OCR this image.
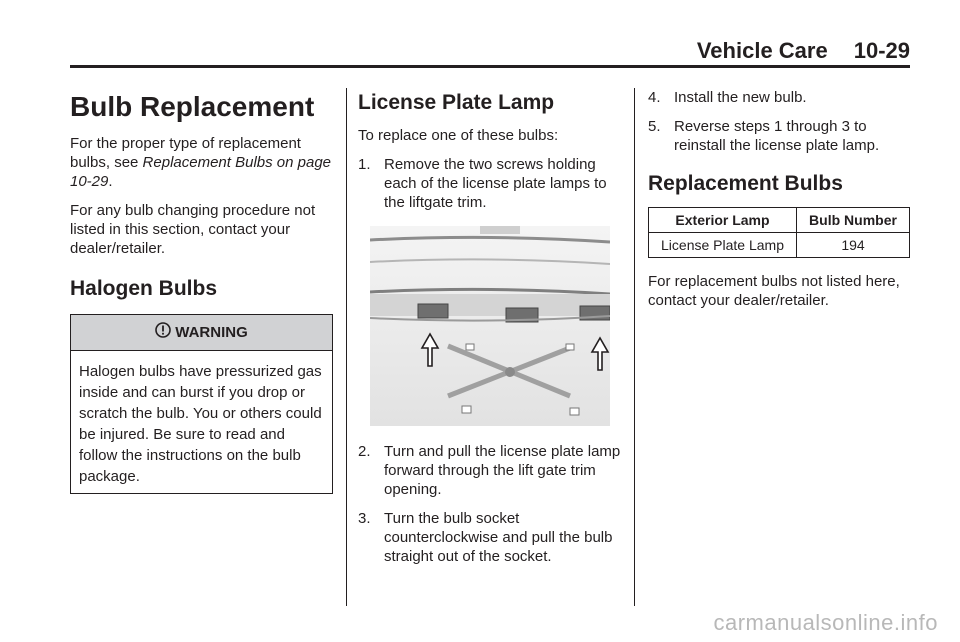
Vehicle Care 10-29
Bulb Replacement

For the proper type of replacement bulbs, see Replacement Bulbs on page 10-29.

For any bulb changing procedure not listed in this section, contact your dealer/retailer.

Halogen Bulbs
WARNING
Halogen bulbs have pressurized gas inside and can burst if you drop or scratch the bulb. You or others could be injured. Be sure to read and follow the instructions on the bulb package.
License Plate Lamp

To replace one of these bulbs:

1. Remove the two screws holding each of the license plate lamps to the liftgate trim.
2. Turn and pull the license plate lamp forward through the lift gate trim opening.
3. Turn the bulb socket counterclockwise and pull the bulb straight out of the socket.
4. Install the new bulb.
5. Reverse steps 1 through 3 to reinstall the license plate lamp.
Replacement Bulbs
Exterior Lamp	Bulb Number
License Plate Lamp	194

For replacement bulbs not listed here, contact your dealer/retailer.

carmanualsonline.info
